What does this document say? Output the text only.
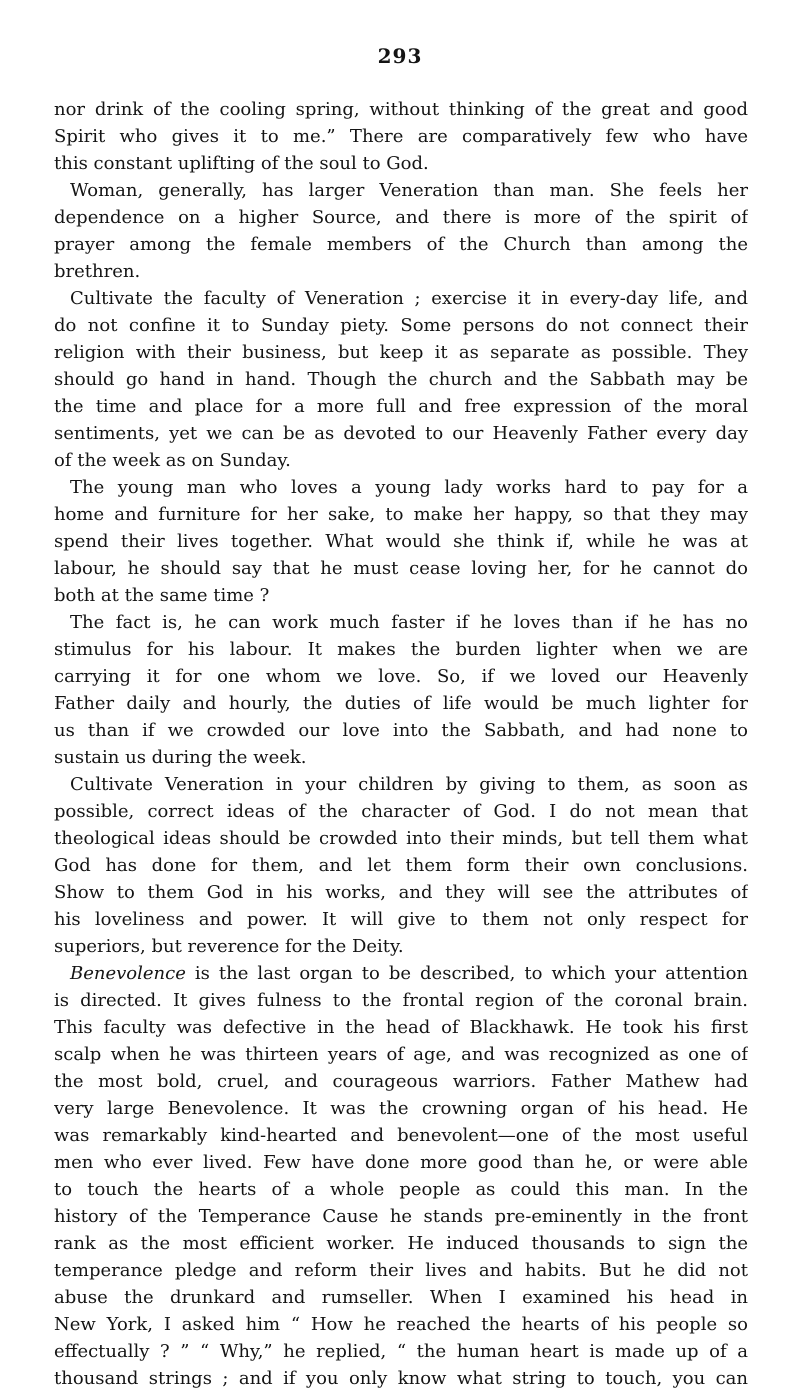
293
nor drink of the cooling spring, without thinking of the great and good
Spirit who gives it to me.” There are comparatively few who have
this constant uplifting of the soul to God.
Woman, generally, has larger Veneration than man. She feels her
dependence on a higher Source, and there is more of the spirit of
prayer among the female members of the Church than among the
brethren.
Cultivate the faculty of Veneration ; exercise it in every-day life, and
do not confine it to Sunday piety. Some persons do not connect their
religion with their business, but keep it as separate as possible. They
should go hand in hand. Though the church and the Sabbath may be
the time and place for a more full and free expression of the moral
sentiments, yet we can be as devoted to our Heavenly Father every day
of the week as on Sunday.
The young man who loves a young lady works hard to pay for a
home and furniture for her sake, to make her happy, so that they may
spend their lives together. What would she think if, while he was at
labour, he should say that he must cease loving her, for he cannot do
both at the same time ?
The fact is, he can work much faster if he loves than if he has no
stimulus for his labour. It makes the burden lighter when we are
carrying it for one whom we love. So, if we loved our Heavenly
Father daily and hourly, the duties of life would be much lighter for
us than if we crowded our love into the Sabbath, and had none to
sustain us during the week.
Cultivate Veneration in your children by giving to them, as soon as
possible, correct ideas of the character of God. I do not mean that
theological ideas should be crowded into their minds, but tell them what
God has done for them, and let them form their own conclusions.
Show to them God in his works, and they will see the attributes of
his loveliness and power. It will give to them not only respect for
superiors, but reverence for the Deity.
Benevolence is the last organ to be described, to which your attention
is directed. It gives fulness to the frontal region of the coronal brain.
This faculty was defective in the head of Blackhawk. He took his first
scalp when he was thirteen years of age, and was recognized as one of
the most bold, cruel, and courageous warriors. Father Mathew had
very large Benevolence. It was the crowning organ of his head. He
was remarkably kind-hearted and benevolent—one of the most useful
men who ever lived. Few have done more good than he, or were able
to touch the hearts of a whole people as could this man. In the
history of the Temperance Cause he stands pre-eminently in the front
rank as the most efficient worker. He induced thousands to sign the
temperance pledge and reform their lives and habits. But he did not
abuse the drunkard and rumseller. When I examined his head in
New York, I asked him “ How he reached the hearts of his people so
effectually ? ” “ Why,” he replied, “ the human heart is made up of a
thousand strings ; and if you only know what string to touch, you can
